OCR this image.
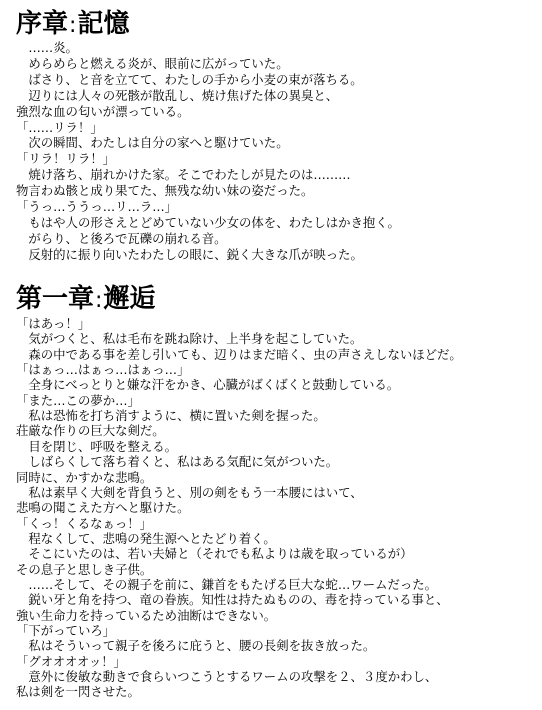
序章:記憶
　……炎。
　めらめらと燃える炎が、眼前に広がっていた。
　ばさり、と音を立てて、わたしの手から小麦の束が落ちる。
　辺りには人々の死骸が散乱し、焼け焦げた体の異臭と、
強烈な血の匂いが漂っている。
「……リラ！」
　次の瞬間、わたしは自分の家へと駆けていた。
「リラ！リラ！」
　焼け落ち、崩れかけた家。そこでわたしが見たのは………
物言わぬ骸と成り果てた、無残な幼い妹の姿だった。
「うっ…ううっ…リ…ラ…」
　もはや人の形さえとどめていない少女の体を、わたしはかき抱く。
　がらり、と後ろで瓦礫の崩れる音。
　反射的に振り向いたわたしの眼に、鋭く大きな爪が映った。
第一章:邂逅
「はあっ！」
　気がつくと、私は毛布を跳ね除け、上半身を起こしていた。
　森の中である事を差し引いても、辺りはまだ暗く、虫の声さえしないほどだ。
「はぁっ…はぁっ…はぁっ…」
　全身にべっとりと嫌な汗をかき、心臓がばくばくと鼓動している。
「また…この夢か…」
　私は恐怖を打ち消すように、横に置いた剣を握った。
荘厳な作りの巨大な剣だ。
　目を閉じ、呼吸を整える。
　しばらくして落ち着くと、私はある気配に気がついた。
同時に、かすかな悲鳴。
　私は素早く大剣を背負うと、別の剣をもう一本腰にはいて、
悲鳴の聞こえた方へと駆けた。
「くっ！くるなぁっ！」
　程なくして、悲鳴の発生源へとたどり着く。
　そこにいたのは、若い夫婦と（それでも私よりは歳を取っているが）
その息子と思しき子供。
　……そして、その親子を前に、鎌首をもたげる巨大な蛇…ワームだった。
　鋭い牙と角を持つ、竜の眷族。知性は持たぬものの、毒を持っている事と、
強い生命力を持っているため油断はできない。
「下がっていろ」
　私はそういって親子を後ろに庇うと、腰の長剣を抜き放った。
「グオオオオッ！」
　意外に俊敏な動きで食らいつこうとするワームの攻撃を２、３度かわし、
私は剣を一閃させた。
